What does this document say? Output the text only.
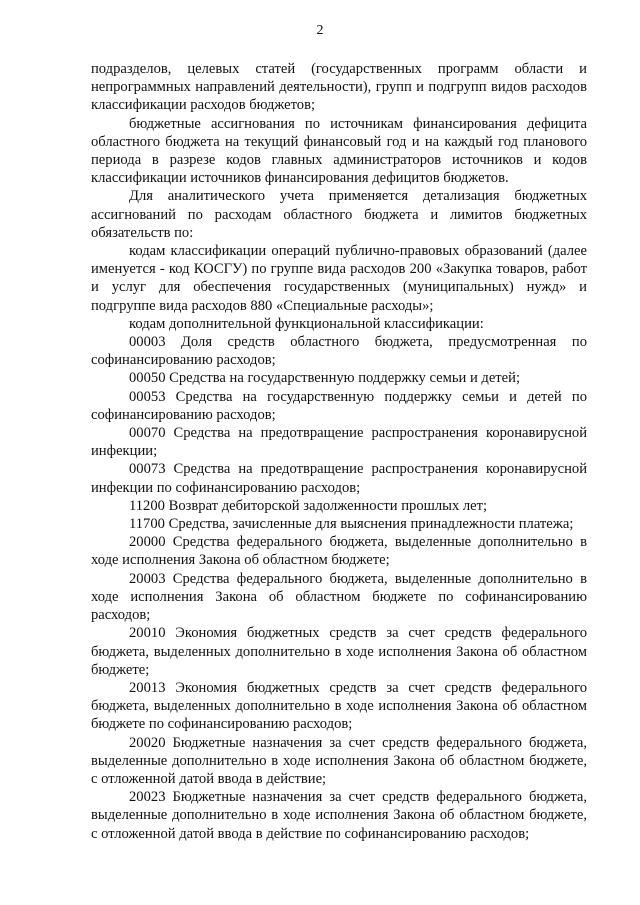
2

подразделов, целевых статей (государственных программ области и непрограммных направлений деятельности), групп и подгрупп видов расходов классификации расходов бюджетов;

бюджетные ассигнования по источникам финансирования дефицита областного бюджета на текущий финансовый год и на каждый год планового периода в разрезе кодов главных администраторов источников и кодов классификации источников финансирования дефицитов бюджетов.

Для аналитического учета применяется детализация бюджетных ассигнований по расходам областного бюджета и лимитов бюджетных обязательств по:

кодам классификации операций публично-правовых образований (далее именуется - код КОСГУ) по группе вида расходов 200 «Закупка товаров, работ и услуг для обеспечения государственных (муниципальных) нужд» и подгруппе вида расходов 880 «Специальные расходы»;

кодам дополнительной функциональной классификации:

00003 Доля средств областного бюджета, предусмотренная по софинансированию расходов;

00050 Средства на государственную поддержку семьи и детей;

00053 Средства на государственную поддержку семьи и детей по софинансированию расходов;

00070 Средства на предотвращение распространения коронавирусной инфекции;

00073 Средства на предотвращение распространения коронавирусной инфекции по софинансированию расходов;

11200 Возврат дебиторской задолженности прошлых лет;

11700 Средства, зачисленные для выяснения принадлежности платежа;

20000 Средства федерального бюджета, выделенные дополнительно в ходе исполнения Закона об областном бюджете;

20003 Средства федерального бюджета, выделенные дополнительно в ходе исполнения Закона об областном бюджете по софинансированию расходов;

20010 Экономия бюджетных средств за счет средств федерального бюджета, выделенных дополнительно в ходе исполнения Закона об областном бюджете;

20013 Экономия бюджетных средств за счет средств федерального бюджета, выделенных дополнительно в ходе исполнения Закона об областном бюджете по софинансированию расходов;

20020 Бюджетные назначения за счет средств федерального бюджета, выделенные дополнительно в ходе исполнения Закона об областном бюджете, с отложенной датой ввода в действие;

20023 Бюджетные назначения за счет средств федерального бюджета, выделенные дополнительно в ходе исполнения Закона об областном бюджете, с отложенной датой ввода в действие по софинансированию расходов;
